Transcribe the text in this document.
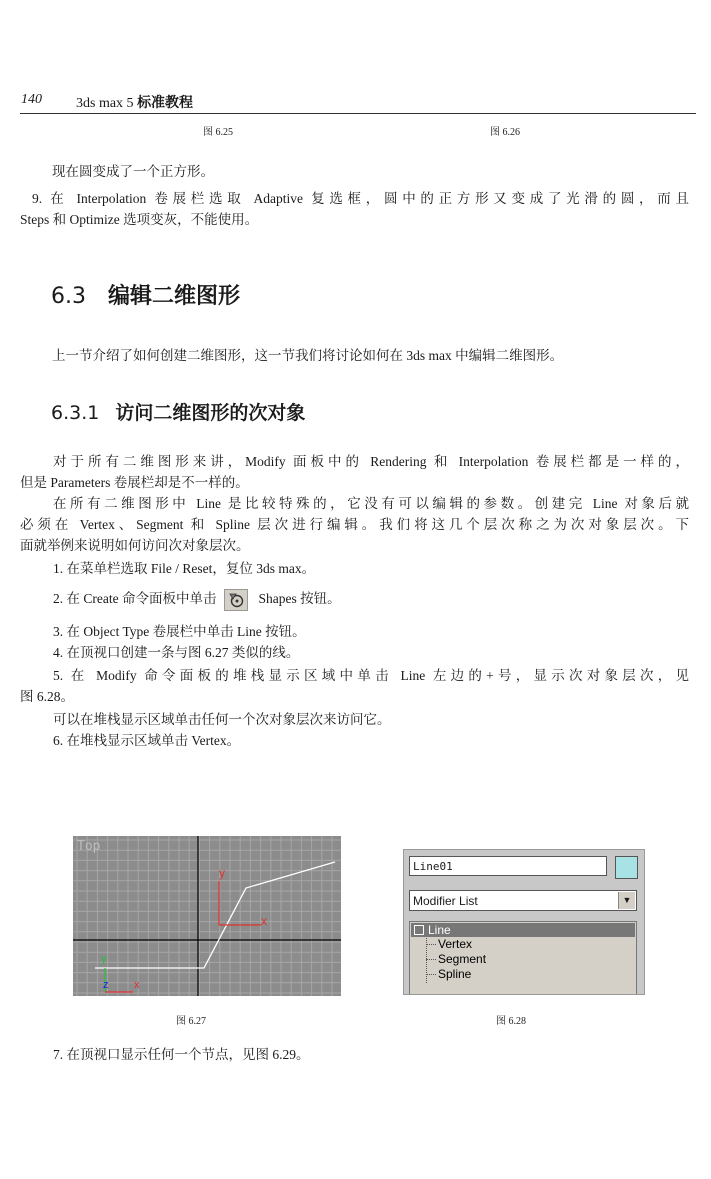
140 3ds max 5 标准教程
图 6.25	图 6.26
现在圆变成了一个正方形。
9. 在 Interpolation 卷展栏选取 Adaptive 复选框，圆中的正方形又变成了光滑的圆，而且
Steps 和 Optimize 选项变灰，不能使用。
6.3 编辑二维图形
上一节介绍了如何创建二维图形，这一节我们将讨论如何在 3ds max 中编辑二维图形。
6.3.1 访问二维图形的次对象
对于所有二维图形来讲，Modify 面板中的 Rendering 和 Interpolation 卷展栏都是一样的，
但是 Parameters 卷展栏却是不一样的。
在所有二维图形中 Line 是比较特殊的，它没有可以编辑的参数。创建完 Line 对象后就
必须在 Vertex、Segment 和 Spline 层次进行编辑。我们将这几个层次称之为次对象层次。下
面就举例来说明如何访问次对象层次。
1. 在菜单栏选取 File / Reset，复位 3ds max。
2. 在 Create 命令面板中单击	Shapes 按钮。
3. 在 Object Type 卷展栏中单击 Line 按钮。
4. 在顶视口创建一条与图 6.27 类似的线。
5. 在 Modify 命令面板的堆栈显示区域中单击 Line 左边的+号，显示次对象层次，见
图 6.28。
可以在堆栈显示区域单击任何一个次对象层次来访问它。
6. 在堆栈显示区域单击 Vertex。
Top
y
x
y
z x
图 6.27
Line01
Modifier List	▼
Line
Vertex
Segment
Spline
图 6.28
7. 在顶视口显示任何一个节点，见图 6.29。
